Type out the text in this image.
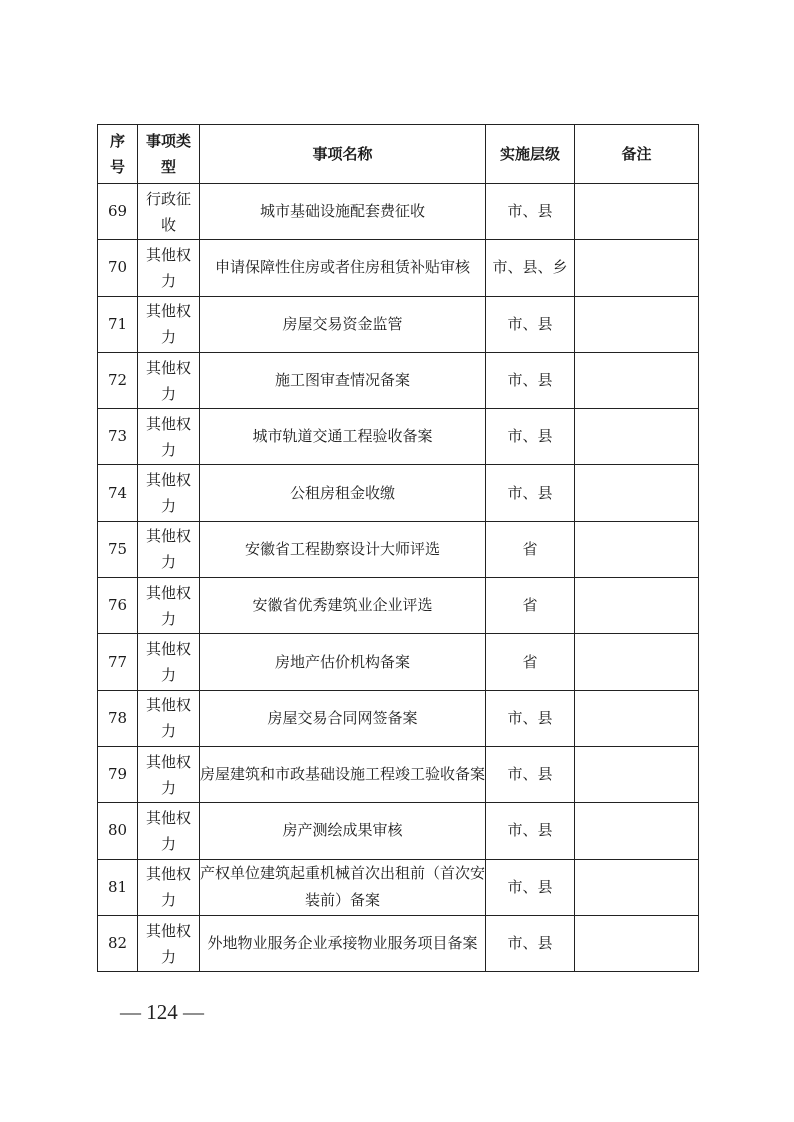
序号	事项类型	事项名称	实施层级	备注
69	行政征收	城市基础设施配套费征收	市、县	
70	其他权力	申请保障性住房或者住房租赁补贴审核	市、县、乡	
71	其他权力	房屋交易资金监管	市、县	
72	其他权力	施工图审查情况备案	市、县	
73	其他权力	城市轨道交通工程验收备案	市、县	
74	其他权力	公租房租金收缴	市、县	
75	其他权力	安徽省工程勘察设计大师评选	省	
76	其他权力	安徽省优秀建筑业企业评选	省	
77	其他权力	房地产估价机构备案	省	
78	其他权力	房屋交易合同网签备案	市、县	
79	其他权力	房屋建筑和市政基础设施工程竣工验收备案	市、县	
80	其他权力	房产测绘成果审核	市、县	
81	其他权力	产权单位建筑起重机械首次出租前（首次安装前）备案	市、县	
82	其他权力	外地物业服务企业承接物业服务项目备案	市、县	
— 124 —
